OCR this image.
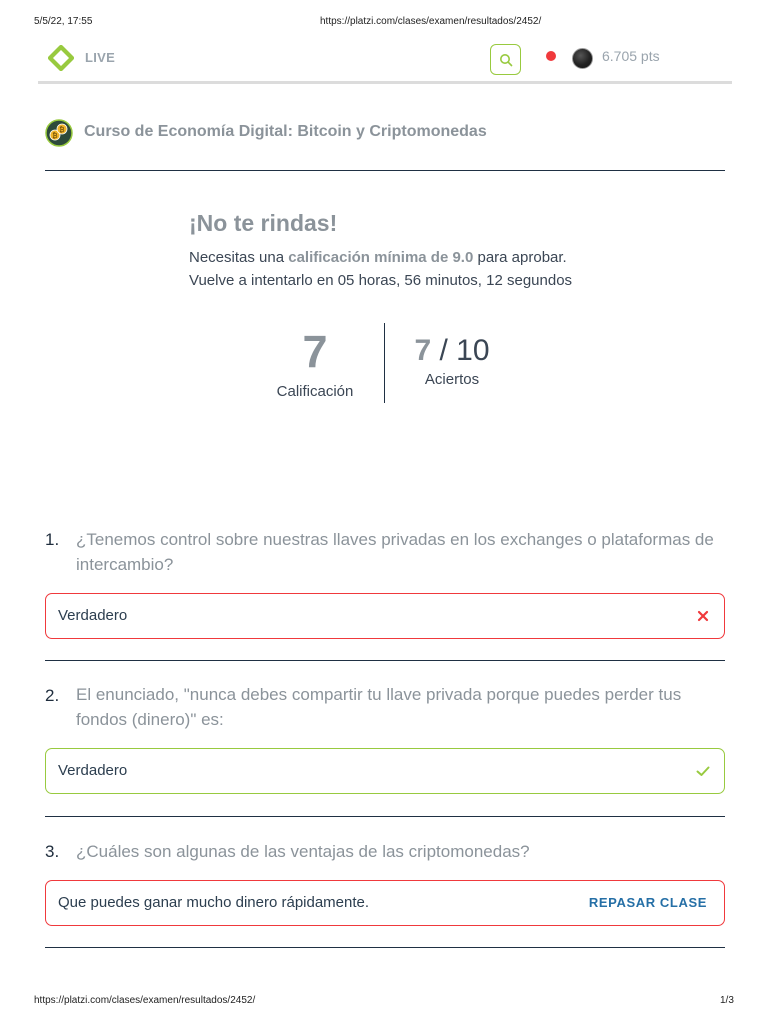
5/5/22, 17:55	https://platzi.com/clases/examen/resultados/2452/
LIVE	6.705 pts
₿
₿ Curso de Economía Digital: Bitcoin y Criptomonedas
¡No te rindas!
Necesitas una calificación mínima de 9.0 para aprobar.
Vuelve a intentarlo en 05 horas, 56 minutos, 12 segundos
7
Calificación
7 / 10
Aciertos
1. ¿Tenemos control sobre nuestras llaves privadas en los exchanges o plataformas de intercambio?
Verdadero
2. El enunciado, "nunca debes compartir tu llave privada porque puedes perder tus fondos (dinero)" es:
Verdadero
3. ¿Cuáles son algunas de las ventajas de las criptomonedas?
Que puedes ganar mucho dinero rápidamente.	REPASAR CLASE
https://platzi.com/clases/examen/resultados/2452/	1/3
